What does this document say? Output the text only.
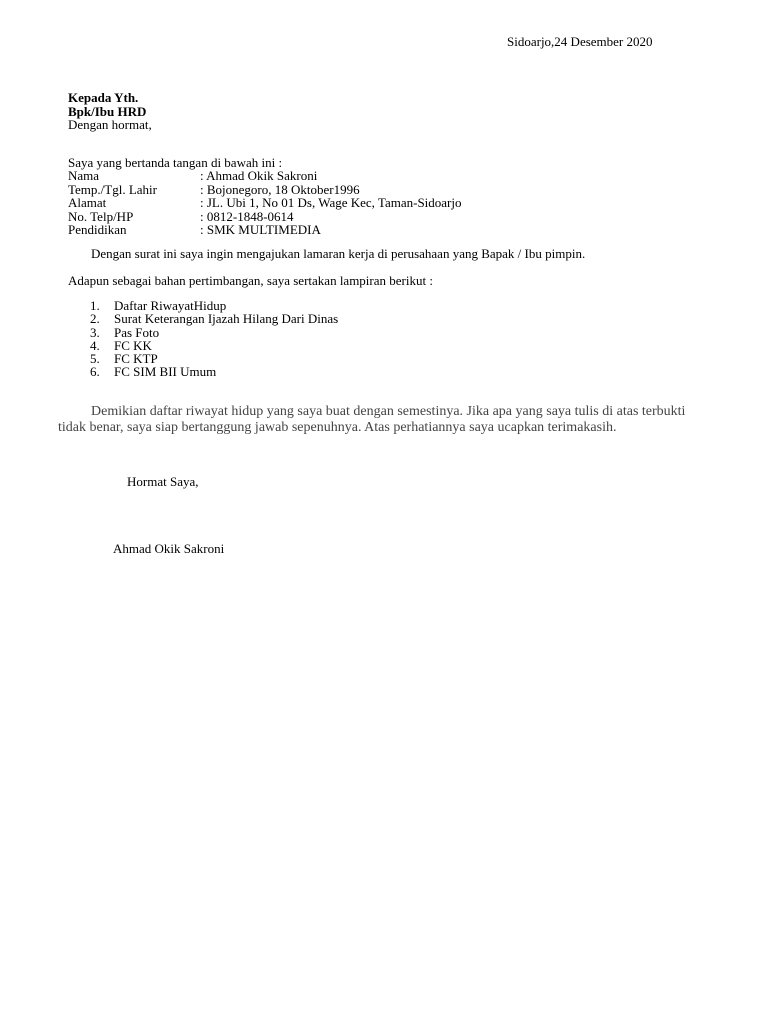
Sidoarjo,24 Desember 2020
Kepada Yth.
Bpk/Ibu HRD
Dengan hormat,
Saya yang bertanda tangan di bawah ini :
Nama	: Ahmad Okik Sakroni
Temp./Tgl. Lahir	: Bojonegoro, 18 Oktober1996
Alamat	: JL. Ubi 1, No 01 Ds, Wage Kec, Taman-Sidoarjo
No. Telp/HP	: 0812-1848-0614
Pendidikan	: SMK MULTIMEDIA
Dengan surat ini saya ingin mengajukan lamaran kerja di perusahaan yang Bapak / Ibu pimpin.
Adapun sebagai bahan pertimbangan, saya sertakan lampiran berikut :
1.	Daftar RiwayatHidup
2.	Surat Keterangan Ijazah Hilang Dari Dinas
3.	Pas Foto
4.	FC KK
5.	FC KTP
6.	FC SIM BII Umum
Demikian daftar riwayat hidup yang saya buat dengan semestinya. Jika apa yang saya tulis di atas terbukti tidak benar, saya siap bertanggung jawab sepenuhnya. Atas perhatiannya saya ucapkan terimakasih.
Hormat Saya,
Ahmad Okik Sakroni
